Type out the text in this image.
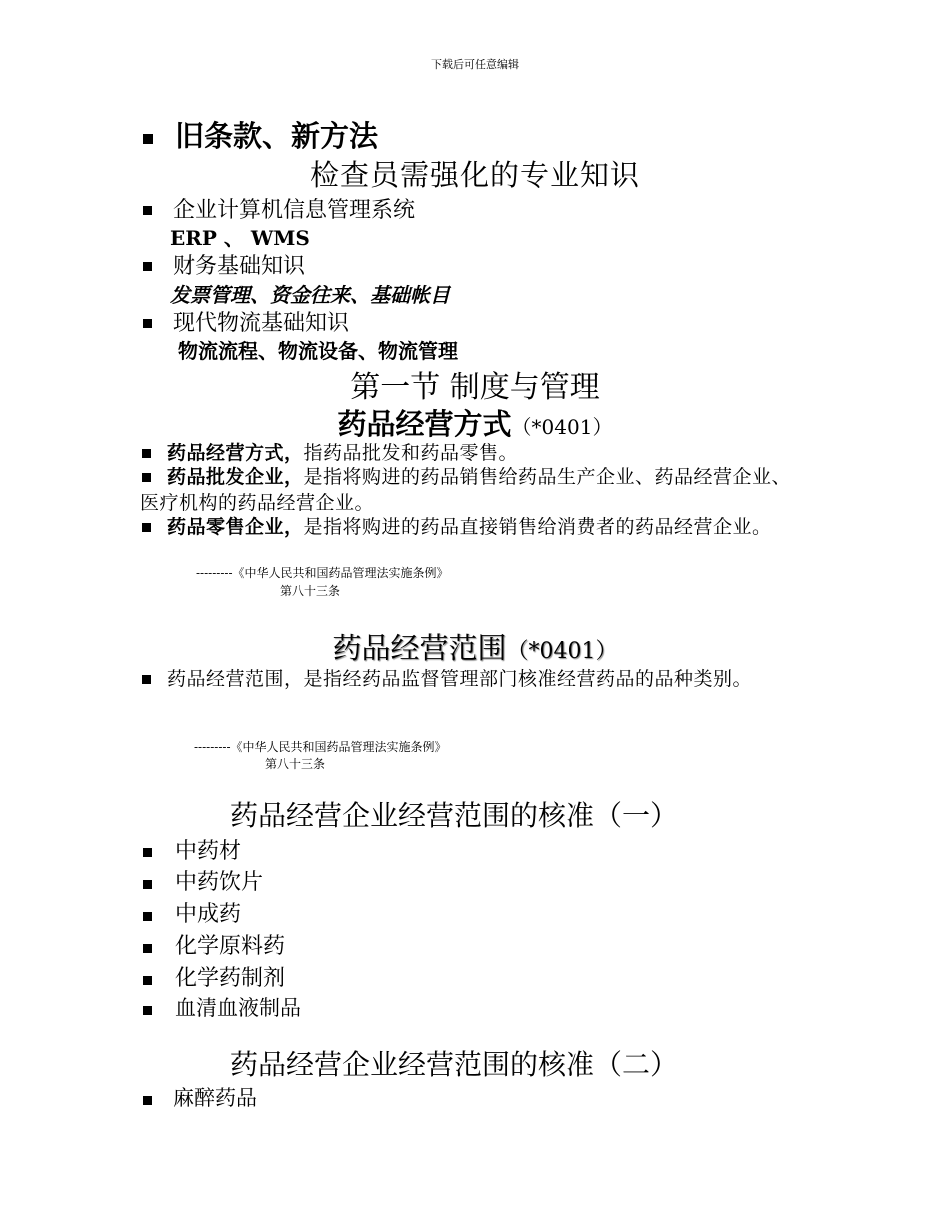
下载后可任意编辑
旧条款、新方法
检查员需强化的专业知识
企业计算机信息管理系统
ERP 、 WMS
财务基础知识
发票管理、资金往来、基础帐目
现代物流基础知识
物流流程、物流设备、物流管理
第一节 制度与管理
药品经营方式（*0401）
药品经营方式，指药品批发和药品零售。
药品批发企业，是指将购进的药品销售给药品生产企业、药品经营企业、医疗机构的药品经营企业。
药品零售企业，是指将购进的药品直接销售给消费者的药品经营企业。
---------《中华人民共和国药品管理法实施条例》
第八十三条
药品经营范围（*0401）
药品经营范围，是指经药品监督管理部门核准经营药品的品种类别。
---------《中华人民共和国药品管理法实施条例》
第八十三条
药品经营企业经营范围的核准（一）
中药材
中药饮片
中成药
化学原料药
化学药制剂
血清血液制品
药品经营企业经营范围的核准（二）
麻醉药品
